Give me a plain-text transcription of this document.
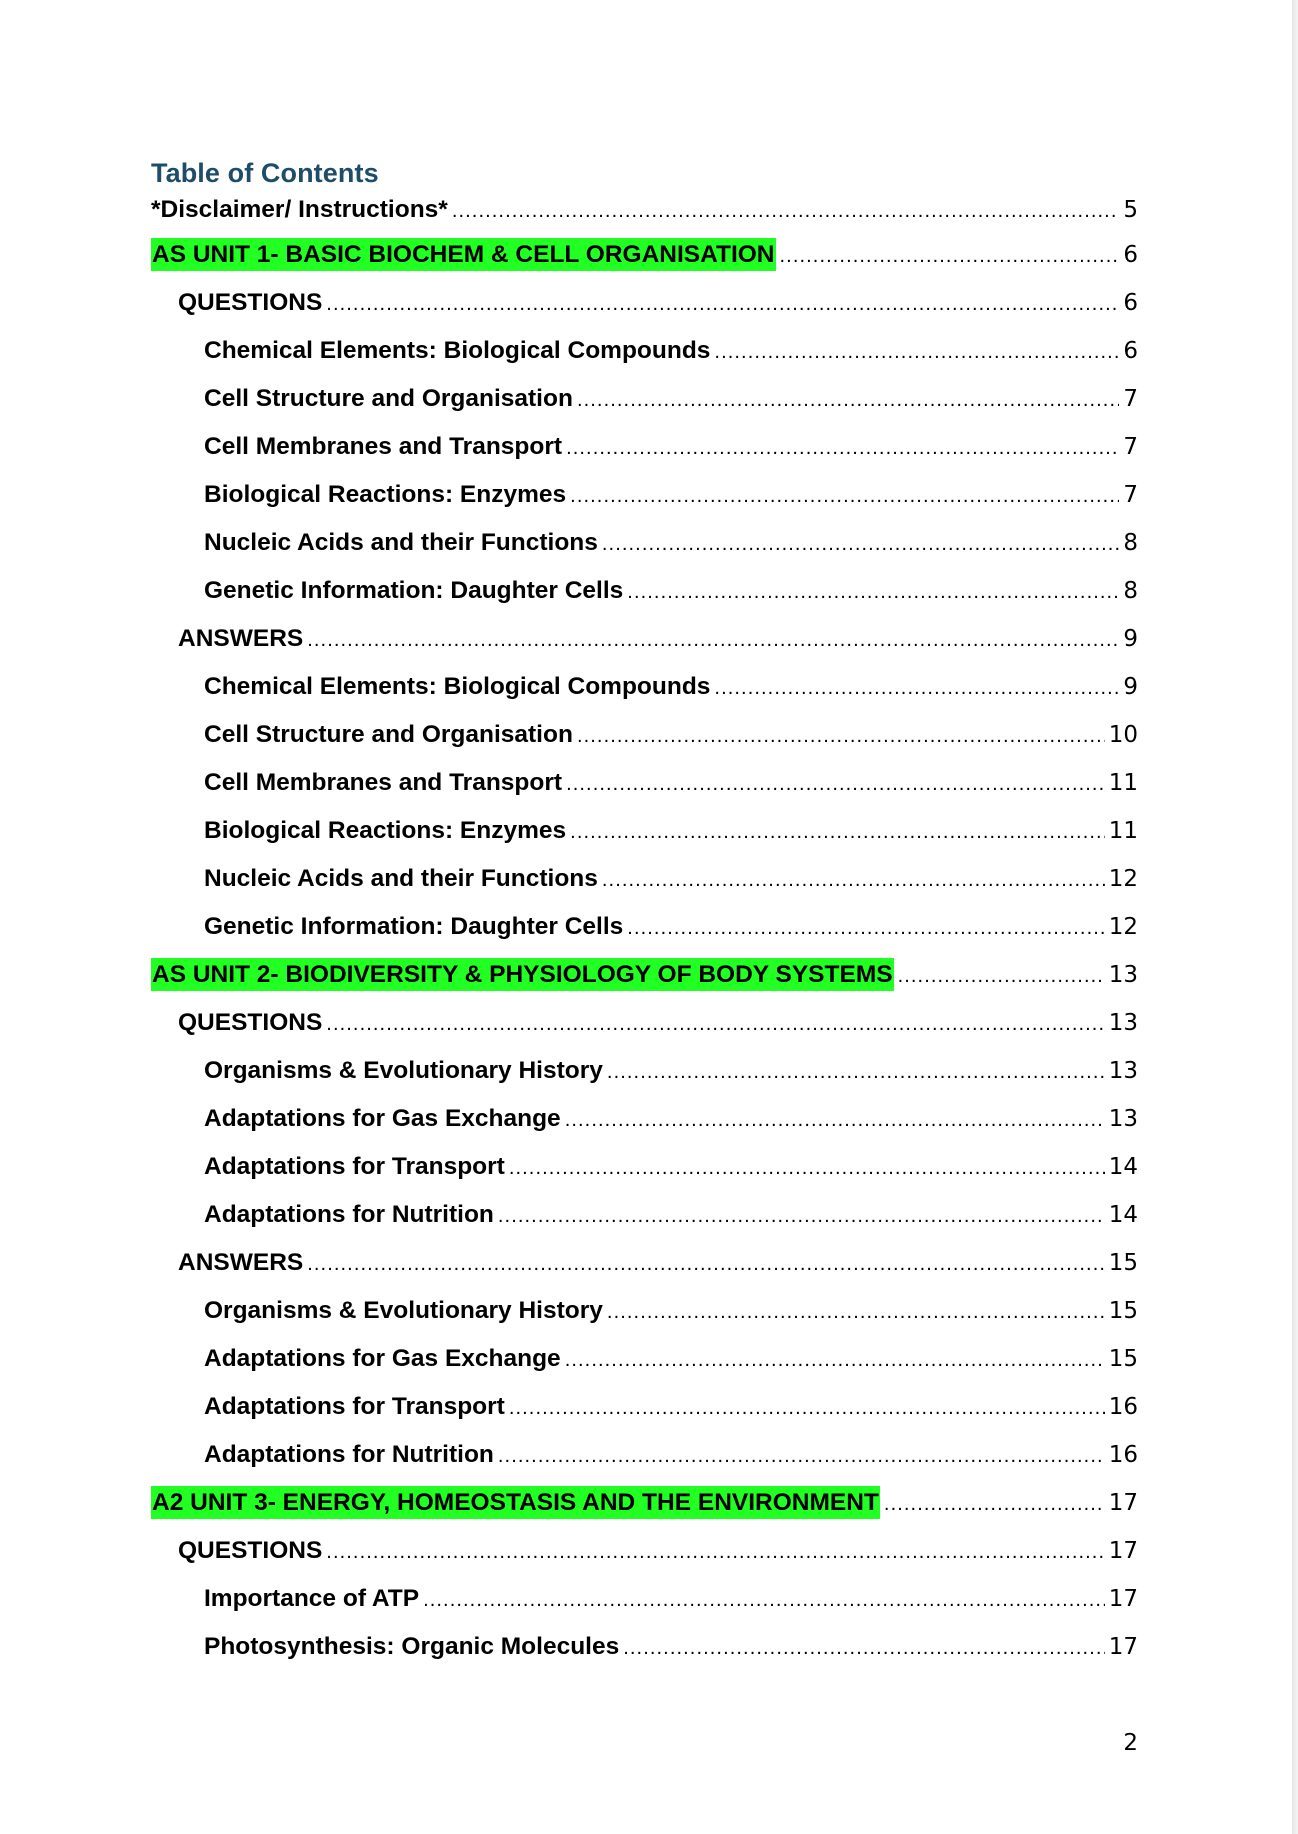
Table of Contents
*Disclaimer/ Instructions* .....	5
AS UNIT 1- BASIC BIOCHEM & CELL ORGANISATION .....	6
QUESTIONS .....	6
Chemical Elements: Biological Compounds .....	6
Cell Structure and Organisation .....	7
Cell Membranes and Transport .....	7
Biological Reactions: Enzymes .....	7
Nucleic Acids and their Functions .....	8
Genetic Information: Daughter Cells .....	8
ANSWERS .....	9
Chemical Elements: Biological Compounds .....	9
Cell Structure and Organisation .....	10
Cell Membranes and Transport .....	11
Biological Reactions: Enzymes .....	11
Nucleic Acids and their Functions .....	12
Genetic Information: Daughter Cells .....	12
AS UNIT 2- BIODIVERSITY & PHYSIOLOGY OF BODY SYSTEMS .....	13
QUESTIONS .....	13
Organisms & Evolutionary History .....	13
Adaptations for Gas Exchange .....	13
Adaptations for Transport .....	14
Adaptations for Nutrition .....	14
ANSWERS .....	15
Organisms & Evolutionary History .....	15
Adaptations for Gas Exchange .....	15
Adaptations for Transport .....	16
Adaptations for Nutrition .....	16
A2 UNIT 3- ENERGY, HOMEOSTASIS AND THE ENVIRONMENT .....	17
QUESTIONS .....	17
Importance of ATP .....	17
Photosynthesis: Organic Molecules .....	17
2
